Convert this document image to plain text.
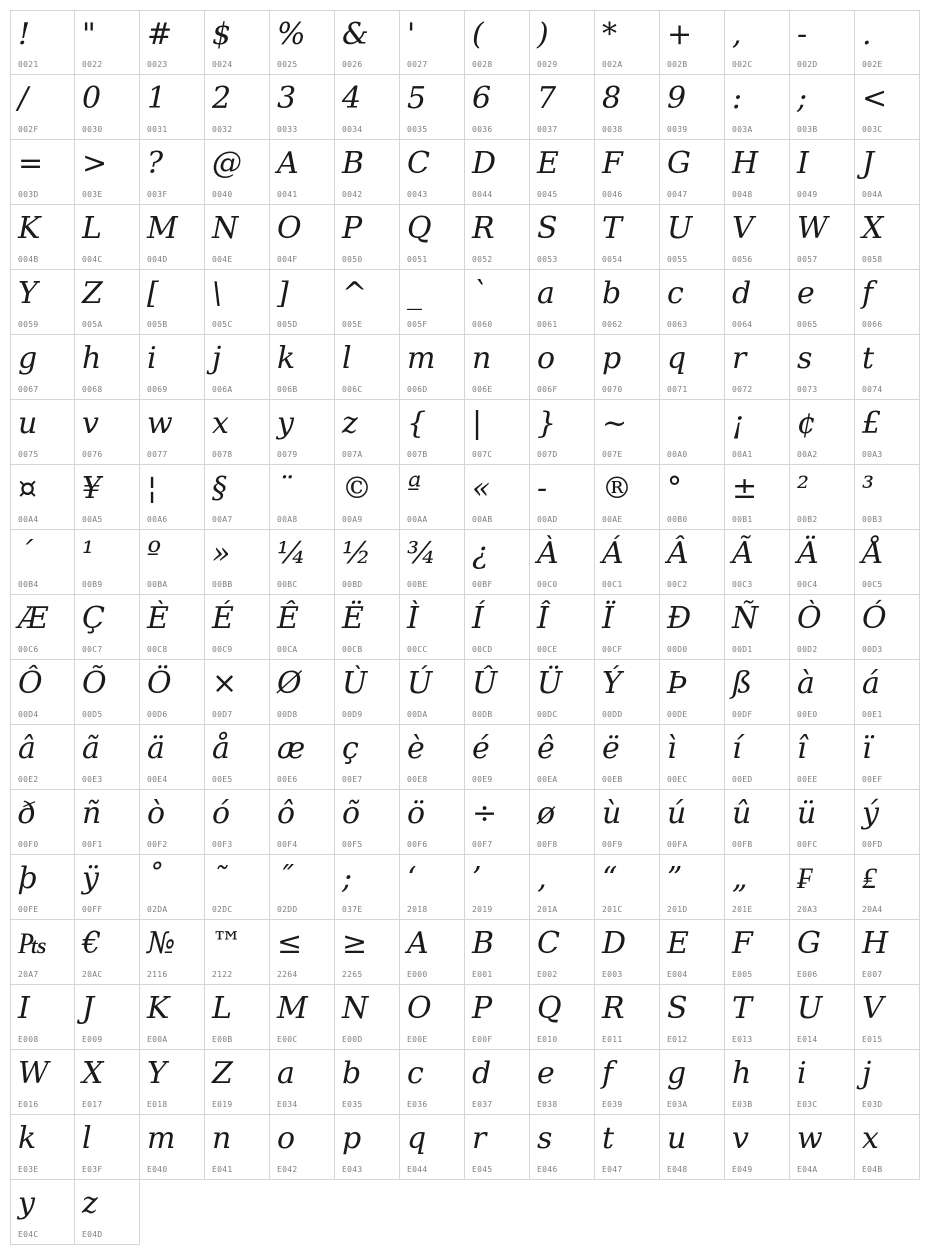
!
0021
"
0022
#
0023
$
0024
%
0025
&
0026
'
0027
(
0028
)
0029
*
002A
+
002B
,
002C
-
002D
.
002E
/
002F
0
0030
1
0031
2
0032
3
0033
4
0034
5
0035
6
0036
7
0037
8
0038
9
0039
:
003A
;
003B
<
003C
=
003D
>
003E
?
003F
@
0040
A
0041
B
0042
C
0043
D
0044
E
0045
F
0046
G
0047
H
0048
I
0049
J
004A
K
004B
L
004C
M
004D
N
004E
O
004F
P
0050
Q
0051
R
0052
S
0053
T
0054
U
0055
V
0056
W
0057
X
0058
Y
0059
Z
005A
[
005B
\
005C
]
005D
^
005E
_
005F
`
0060
a
0061
b
0062
c
0063
d
0064
e
0065
f
0066
g
0067
h
0068
i
0069
j
006A
k
006B
l
006C
m
006D
n
006E
o
006F
p
0070
q
0071
r
0072
s
0073
t
0074
u
0075
v
0076
w
0077
x
0078
y
0079
z
007A
{
007B
|
007C
}
007D
~
007E	00A0
¡
00A1
¢
00A2
£
00A3
¤
00A4
¥
00A5
¦
00A6
§
00A7
¨
00A8
©
00A9
ª
00AA
«
00AB
-
00AD
®
00AE
°
00B0
±
00B1
²
00B2
³
00B3
´
00B4
¹
00B9
º
00BA
»
00BB
¼
00BC
½
00BD
¾
00BE
¿
00BF
À
00C0
Á
00C1
Â
00C2
Ã
00C3
Ä
00C4
Å
00C5
Æ
00C6
Ç
00C7
È
00C8
É
00C9
Ê
00CA
Ë
00CB
Ì
00CC
Í
00CD
Î
00CE
Ï
00CF
Ð
00D0
Ñ
00D1
Ò
00D2
Ó
00D3
Ô
00D4
Õ
00D5
Ö
00D6
×
00D7
Ø
00D8
Ù
00D9
Ú
00DA
Û
00DB
Ü
00DC
Ý
00DD
Þ
00DE
ß
00DF
à
00E0
á
00E1
â
00E2
ã
00E3
ä
00E4
å
00E5
æ
00E6
ç
00E7
è
00E8
é
00E9
ê
00EA
ë
00EB
ì
00EC
í
00ED
î
00EE
ï
00EF
ð
00F0
ñ
00F1
ò
00F2
ó
00F3
ô
00F4
õ
00F5
ö
00F6
÷
00F7
ø
00F8
ù
00F9
ú
00FA
û
00FB
ü
00FC
ý
00FD
þ
00FE
ÿ
00FF
˚
02DA
˜
02DC
˝
02DD
;
037E
‘
2018
’
2019
‚
201A
“
201C
”
201D
„
201E
₣
20A3
₤
20A4
₧
20A7
€
20AC
№
2116
™
2122
≤
2264
≥
2265
A
E000
B
E001
C
E002
D
E003
E
E004
F
E005
G
E006
H
E007
I
E008
J
E009
K
E00A
L
E00B
M
E00C
N
E00D
O
E00E
P
E00F
Q
E010
R
E011
S
E012
T
E013
U
E014
V
E015
W
E016
X
E017
Y
E018
Z
E019
a
E034
b
E035
c
E036
d
E037
e
E038
f
E039
g
E03A
h
E03B
i
E03C
j
E03D
k
E03E
l
E03F
m
E040
n
E041
o
E042
p
E043
q
E044
r
E045
s
E046
t
E047
u
E048
v
E049
w
E04A
x
E04B
y
E04C
z
E04D
